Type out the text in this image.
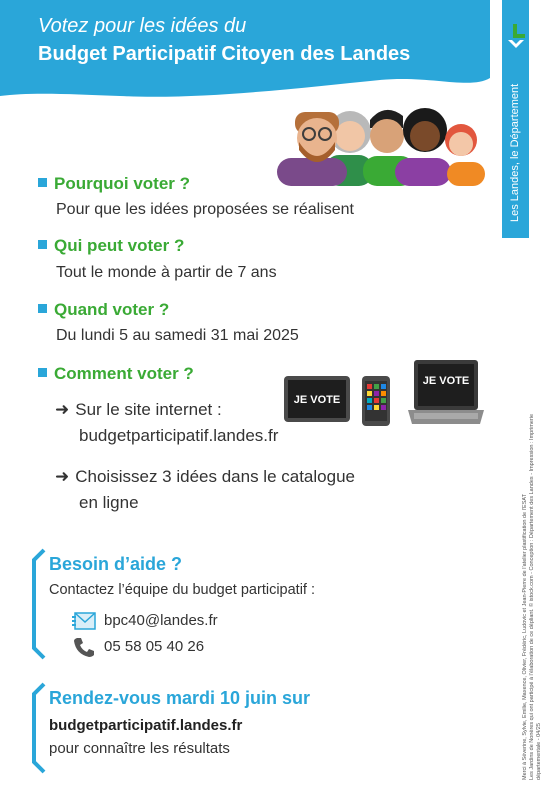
Votez pour les idées du
Budget Participatif Citoyen des Landes
Les Landes, le Département
Pourquoi voter ?
Pour que les idées proposées se réalisent
Qui peut voter ?
Tout le monde à partir de 7 ans
Quand voter ?
Du lundi 5 au samedi 31 mai 2025
Comment voter ?
➜ Sur le site internet :
budgetparticipatif.landes.fr
➜ Choisissez 3 idées dans le catalogue
en ligne
JE VOTE
JE VOTE
Besoin d’aide ?
Contactez l’équipe du budget participatif :
bpc40@landes.fr
05 58 05 40 26
Rendez-vous mardi 10 juin sur
budgetparticipatif.landes.fr
pour connaître les résultats	Merci à Séverine, Sylvie, Emilie, Maxence, Olivier, Frédéric, Ludovic et Jean-Pierre de l’atelier plastification de l’ESAT Les Jardins de Nonères qui ont participé à l’élaboration de ce dépliant. © istock.com - Conception : Département des Landes - Impression : Imprimerie départementale - 04/25
